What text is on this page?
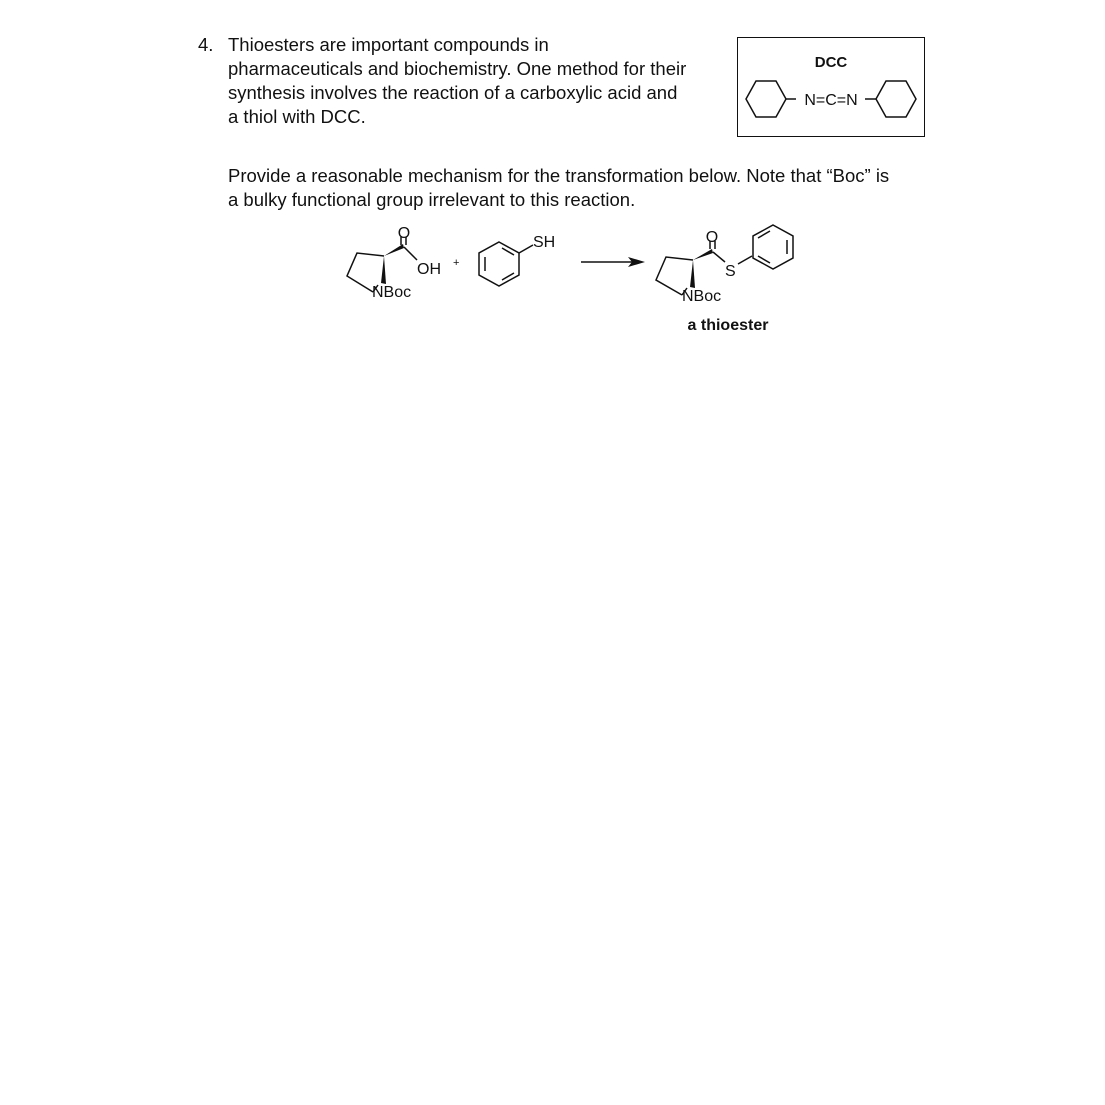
4. Thioesters are important compounds in
pharmaceuticals and biochemistry. One method for their
synthesis involves the reaction of a carboxylic acid and
a thiol with DCC.
DCC
N=C=N
Provide a reasonable mechanism for the transformation below. Note that “Boc” is
a bulky functional group irrelevant to this reaction.
O
OH
NBoc
+
SH	O
S
NBoc
a thioester
